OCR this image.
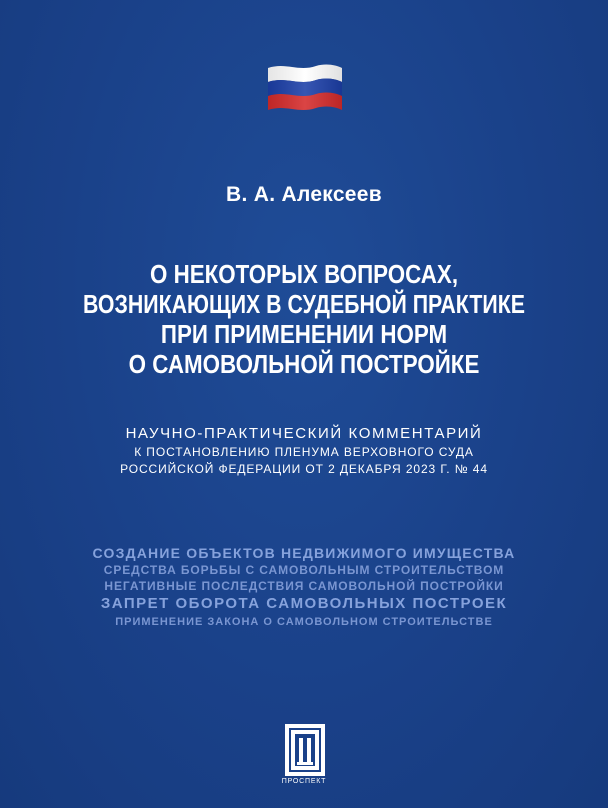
В. А. Алексеев
О НЕКОТОРЫХ ВОПРОСАХ,
ВОЗНИКАЮЩИХ В СУДЕБНОЙ ПРАКТИКЕ
ПРИ ПРИМЕНЕНИИ НОРМ
О САМОВОЛЬНОЙ ПОСТРОЙКЕ
НАУЧНО-ПРАКТИЧЕСКИЙ КОММЕНТАРИЙ
К ПОСТАНОВЛЕНИЮ ПЛЕНУМА ВЕРХОВНОГО СУДА
РОССИЙСКОЙ ФЕДЕРАЦИИ ОТ 2 ДЕКАБРЯ 2023 Г. № 44
СОЗДАНИЕ ОБЪЕКТОВ НЕДВИЖИМОГО ИМУЩЕСТВА
СРЕДСТВА БОРЬБЫ С САМОВОЛЬНЫМ СТРОИТЕЛЬСТВОМ
НЕГАТИВНЫЕ ПОСЛЕДСТВИЯ САМОВОЛЬНОЙ ПОСТРОЙКИ
ЗАПРЕТ ОБОРОТА САМОВОЛЬНЫХ ПОСТРОЕК
ПРИМЕНЕНИЕ ЗАКОНА О САМОВОЛЬНОМ СТРОИТЕЛЬСТВЕ
ПРОСПЕКТ
